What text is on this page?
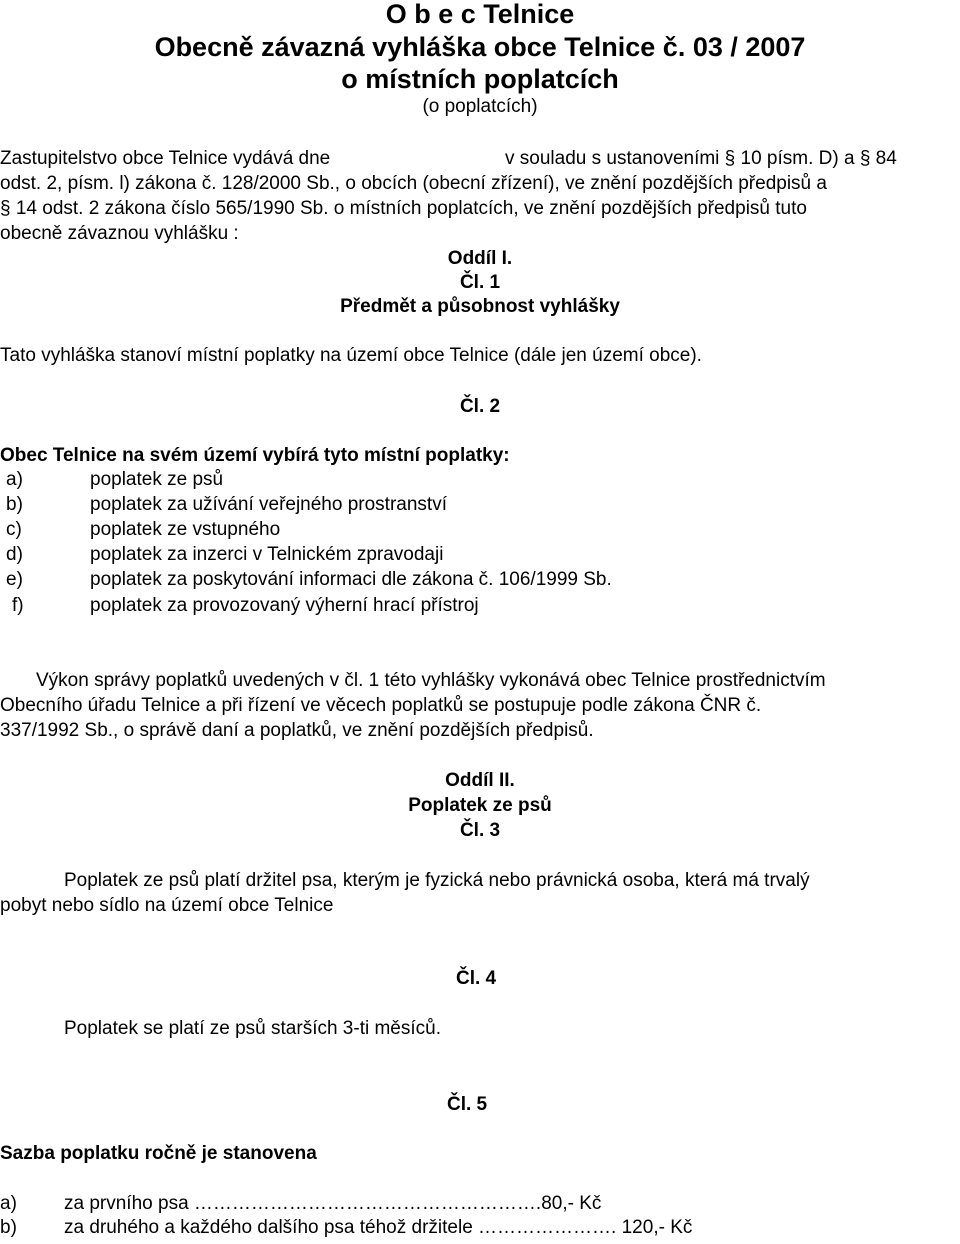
O b e c Telnice
Obecně závazná vyhláška obce Telnice č. 03 / 2007
o místních poplatcích
(o poplatcích)
Zastupitelstvo obce Telnice vydává dne	v souladu s ustanoveními § 10 písm. D) a § 84
odst. 2, písm. l) zákona č. 128/2000 Sb., o obcích (obecní zřízení), ve znění pozdějších předpisů a
§ 14 odst. 2 zákona číslo 565/1990 Sb. o místních poplatcích, ve znění pozdějších předpisů tuto
obecně závaznou vyhlášku :
Oddíl I.
Čl. 1
Předmět a působnost vyhlášky
Tato vyhláška stanoví místní poplatky na území obce Telnice (dále jen území obce).
Čl. 2
Obec Telnice na svém území vybírá tyto místní poplatky:
a)	poplatek ze psů
b)	poplatek za užívání veřejného prostranství
c)	poplatek ze vstupného
d)	poplatek za inzerci v Telnickém zpravodaji
e)	poplatek za poskytování informaci dle zákona č. 106/1999 Sb.
f)	poplatek za provozovaný výherní hrací přístroj
Výkon správy poplatků uvedených v čl. 1 této vyhlášky vykonává obec Telnice prostřednictvím
Obecního úřadu Telnice a při řízení ve věcech poplatků se postupuje podle zákona ČNR č.
337/1992 Sb., o správě daní a poplatků, ve znění pozdějších předpisů.
Oddíl II.
Poplatek ze psů
Čl. 3
Poplatek ze psů platí držitel psa, kterým je fyzická nebo právnická osoba, která má trvalý
pobyt nebo sídlo na území obce Telnice
Čl. 4
Poplatek se platí ze psů starších 3-ti měsíců.
Čl. 5
Sazba poplatku ročně je stanovena
a) za prvního psa ……………………………………………….80,- Kč
b) za druhého a každého dalšího psa téhož držitele …………………. 120,- Kč
